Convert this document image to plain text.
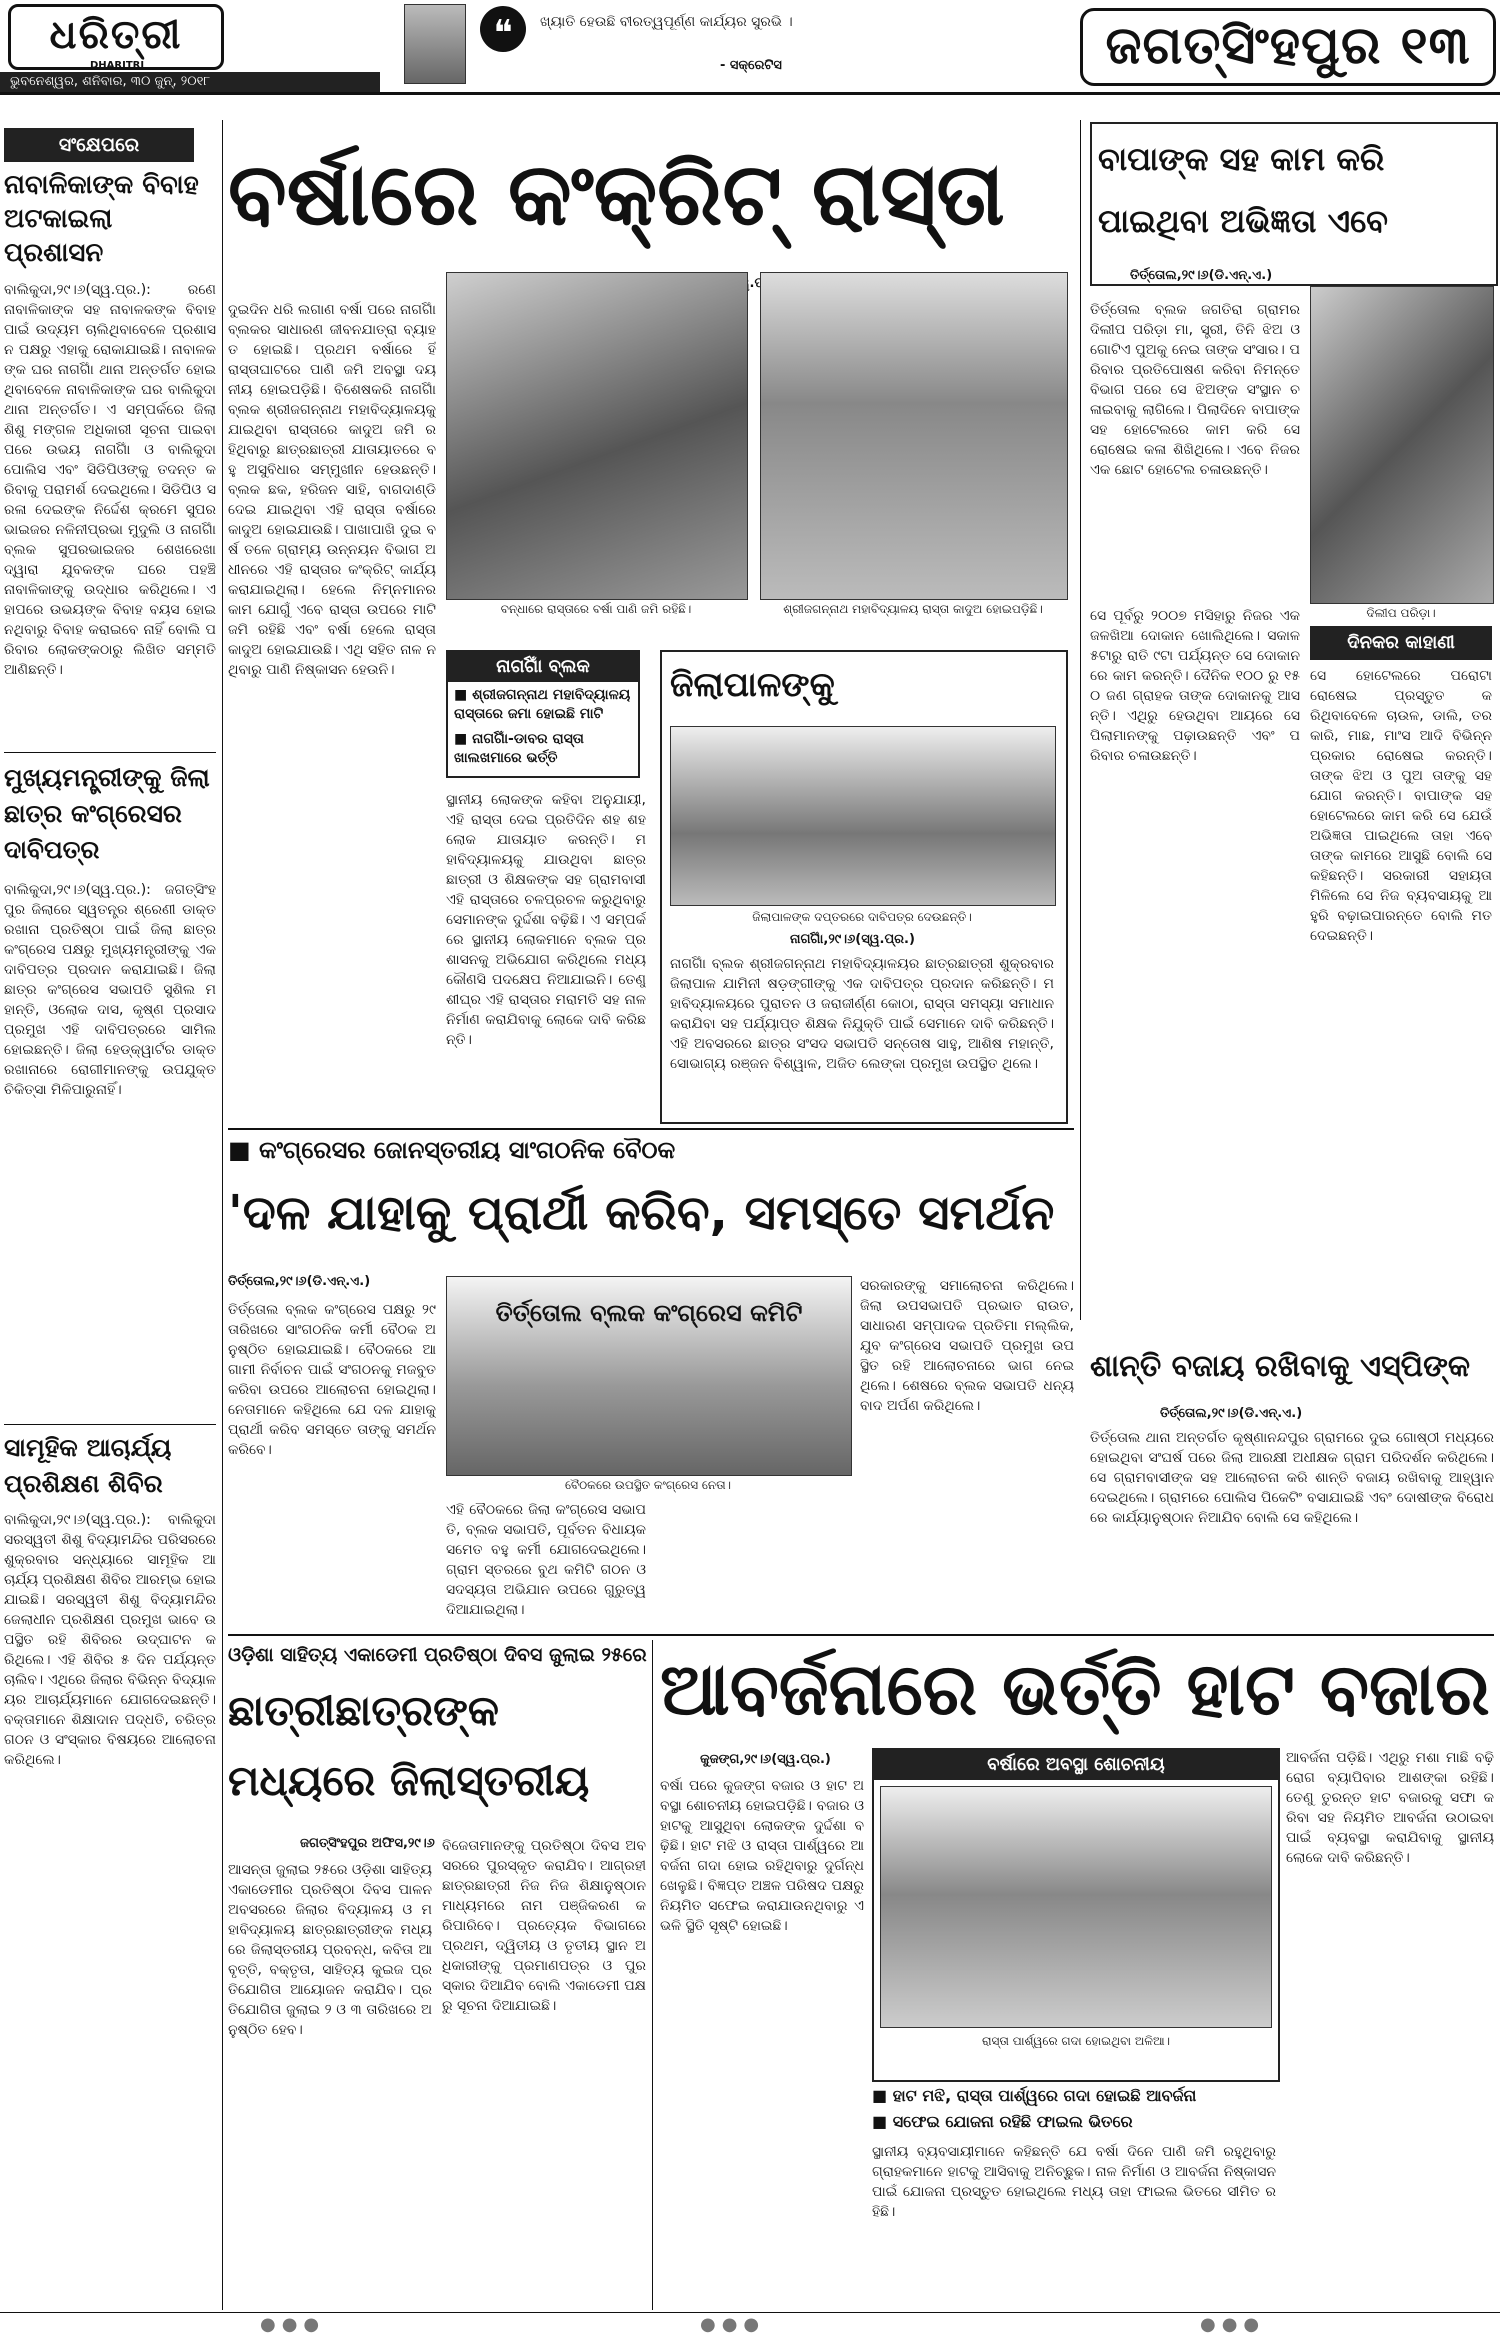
ଧରିତ୍ରୀ
DHARITRI
ଭୁବନେଶ୍ୱର, ଶନିବାର, ୩୦ ଜୁନ୍‌, ୨୦୧୮
❝	ଖ୍ୟାତି ହେଉଛି ବୀରତ୍ୱପୂର୍ଣ୍ଣ କାର୍ଯ୍ୟର ସୁରଭି ।
- ସକ୍ରେଟିସ	ଜଗତ୍‌ସିଂହପୁର ୧୩
ସଂକ୍ଷେପରେ
ନାବାଳିକାଙ୍କ ବିବାହ ଅଟକାଇଲା ପ୍ରଶାସନ
ବାଲିକୁଦା,୨୯।୬(ସ୍ୱ.ପ୍ର.): ରଣେ ନାବାଳିକାଙ୍କ ସହ ନାବାଳକଙ୍କ ବିବାହ ପାଇଁ ଉଦ୍ୟମ ଚାଲିଥିବାବେଳେ ପ୍ରଶାସନ ପକ୍ଷରୁ ଏହାକୁ ରୋକାଯାଇଛି। ନାବାଳକଙ୍କ ଘର ନାଗର୍ଗାଁ ଥାନା ଅନ୍ତର୍ଗତ ହୋଇଥିବାବେଳେ ନାବାଳିକାଙ୍କ ଘର ବାଲିକୁଦା ଥାନା ଅନ୍ତର୍ଗତ। ଏ ସମ୍ପର୍କରେ ଜିଲା ଶିଶୁ ମଙ୍ଗଳ ଅଧିକାରୀ ସୂଚନା ପାଇବା ପରେ ଉଭୟ ନାଗର୍ଗାଁ ଓ ବାଲିକୁଦା ପୋଲିସ ଏବଂ ସିଡିପିଓଙ୍କୁ ତଦନ୍ତ କରିବାକୁ ପରାମର୍ଶ ଦେଇଥିଲେ। ସିଡିପିଓ ସରଳା ଦେଇଙ୍କ ନିର୍ଦ୍ଦେଶ କ୍ରମେ ସୁପରଭାଇଜର ନଳିନୀପ୍ରଭା ମୁଦୁଲି ଓ ନାଗର୍ଗାଁ ବ୍ଲକ ସୁପରଭାଇଜର ଶେଖରେଖା ଦ୍ୱାରା ଯୁବକଙ୍କ ଘରେ ପହଞ୍ଚି ନାବାଳିକାଙ୍କୁ ଉଦ୍ଧାର କରିଥିଲେ। ଏହାପରେ ଉଭୟଙ୍କ ବିବାହ ବୟସ ହୋଇନଥିବାରୁ ବିବାହ କରାଇବେ ନାହିଁ ବୋଲି ପରିବାର ଲୋକଙ୍କଠାରୁ ଲିଖିତ ସମ୍ମତି ଆଣିଛନ୍ତି।
ମୁଖ୍ୟମନ୍ତ୍ରୀଙ୍କୁ ଜିଲା ଛାତ୍ର କଂଗ୍ରେସର ଦାବିପତ୍ର
ବାଲିକୁଦା,୨୯।୬(ସ୍ୱ.ପ୍ର.): ଜଗତ୍‌ସିଂହପୁର ଜିଲାରେ ସ୍ୱତନ୍ତ୍ର ଶ୍ରେଣୀ ଡାକ୍ତରଖାନା ପ୍ରତିଷ୍ଠା ପାଇଁ ଜିଲା ଛାତ୍ର କଂଗ୍ରେସ ପକ୍ଷରୁ ମୁଖ୍ୟମନ୍ତ୍ରୀଙ୍କୁ ଏକ ଦାବିପତ୍ର ପ୍ରଦାନ କରାଯାଇଛି। ଜିଲା ଛାତ୍ର କଂଗ୍ରେସ ସଭାପତି ସୁଶିଲ ମହାନ୍ତି, ଓଲୋକ ଦାସ, କୃଷ୍ଣ ପ୍ରସାଦ ପ୍ରମୁଖ ଏହି ଦାବିପତ୍ରରେ ସାମିଲ ହୋଇଛନ୍ତି। ଜିଲା ହେଡ୍‌କ୍ୱାର୍ଟର ଡାକ୍ତରଖାନାରେ ରୋଗୀମାନଙ୍କୁ ଉପଯୁକ୍ତ ଚିକିତ୍ସା ମିଳିପାରୁନାହିଁ।
ସାମୂହିକ ଆଚାର୍ଯ୍ୟ ପ୍ରଶିକ୍ଷଣ ଶିବିର
ବାଲିକୁଦା,୨୯।୬(ସ୍ୱ.ପ୍ର.): ବାଲିକୁଦା ସରସ୍ୱତୀ ଶିଶୁ ବିଦ୍ୟାମନ୍ଦିର ପରିସରରେ ଶୁକ୍ରବାର ସନ୍ଧ୍ୟାରେ ସାମୂହିକ ଆଚାର୍ଯ୍ୟ ପ୍ରଶିକ୍ଷଣ ଶିବିର ଆରମ୍ଭ ହୋଇଯାଇଛି। ସରସ୍ୱତୀ ଶିଶୁ ବିଦ୍ୟାମନ୍ଦିର ଜେଲାଧୀନ ପ୍ରଶିକ୍ଷଣ ପ୍ରମୁଖ ଭାବେ ଉପସ୍ଥିତ ରହି ଶିବିରର ଉଦ୍‌ଘାଟନ କରିଥିଲେ। ଏହି ଶିବିର ୫ ଦିନ ପର୍ଯ୍ୟନ୍ତ ଚାଲିବ। ଏଥିରେ ଜିଲାର ବିଭିନ୍ନ ବିଦ୍ୟାଳୟର ଆଚାର୍ଯ୍ୟମାନେ ଯୋଗଦେଇଛନ୍ତି। ବକ୍ତାମାନେ ଶିକ୍ଷାଦାନ ପଦ୍ଧତି, ଚରିତ୍ର ଗଠନ ଓ ସଂସ୍କାର ବିଷୟରେ ଆଲୋଚନା କରିଥିଲେ।
ବର୍ଷାରେ କଂକ୍ରିଟ୍ ରାସ୍ତା
ଦୁଇଦିନ ଧରି ଲଗାଣ ବର୍ଷା ପରେ ନାଗର୍ଗାଁ ବ୍ଲକର ସାଧାରଣ ଜୀବନଯାତ୍ରା ବ୍ୟାହତ ହୋଇଛି। ପ୍ରଥମ ବର୍ଷାରେ ହିଁ ରାସ୍ତାଘାଟରେ ପାଣି ଜମି ଅବସ୍ଥା ଦୟନୀୟ ହୋଇପଡ଼ିଛି। ବିଶେଷକରି ନାଗର୍ଗାଁ ବ୍ଲକ ଶ୍ରୀଜଗନ୍ନାଥ ମହାବିଦ୍ୟାଳୟକୁ ଯାଇଥିବା ରାସ୍ତାରେ କାଦୁଅ ଜମି ରହିଥିବାରୁ ଛାତ୍ରଛାତ୍ରୀ ଯାତାୟାତରେ ବହୁ ଅସୁବିଧାର ସମ୍ମୁଖୀନ ହେଉଛନ୍ତି। ବ୍ଲକ ଛକ, ହରିଜନ ସାହି, ବାଗଦାଣ୍ଡି ଦେଇ ଯାଇଥିବା ଏହି ରାସ୍ତା ବର୍ଷାରେ କାଦୁଅ ହୋଇଯାଉଛି। ପାଖାପାଖି ଦୁଇ ବର୍ଷ ତଳେ ଗ୍ରାମ୍ୟ ଉନ୍ନୟନ ବିଭାଗ ଅଧୀନରେ ଏହି ରାସ୍ତାର କଂକ୍ରିଟ୍ କାର୍ଯ୍ୟ କରାଯାଇଥିଲା। ହେଲେ ନିମ୍ନମାନର କାମ ଯୋଗୁଁ ଏବେ ରାସ୍ତା ଉପରେ ମାଟି ଜମି ରହିଛି ଏବଂ ବର୍ଷା ହେଲେ ରାସ୍ତା କାଦୁଅ ହୋଇଯାଉଛି। ଏଥି ସହିତ ନାଳ ନଥିବାରୁ ପାଣି ନିଷ୍କାସନ ହେଉନି।
ବନ୍ଧାରେ ରାସ୍ତାରେ ବର୍ଷା ପାଣି ଜମି ରହିଛି।	ଶ୍ରୀଜଗନ୍ନାଥ ମହାବିଦ୍ୟାଳୟ ରାସ୍ତା କାଦୁଅ ହୋଇପଡ଼ିଛି।
ନାଗର୍ଗାଁ ବ୍ଲକ
■ ଶ୍ରୀଜଗନ୍ନାଥ ମହାବିଦ୍ୟାଳୟ ରାସ୍ତାରେ ଜମା ହୋଇଛି ମାଟି
■ ନାଗର୍ଗାଁ-ଡାବର ରାସ୍ତା ଖାଲଖମାରେ ଭର୍ତ୍ତି
ସ୍ଥାନୀୟ ଲୋକଙ୍କ କହିବା ଅନୁଯାୟୀ, ଏହି ରାସ୍ତା ଦେଇ ପ୍ରତିଦିନ ଶହ ଶହ ଲୋକ ଯାତାୟାତ କରନ୍ତି। ମହାବିଦ୍ୟାଳୟକୁ ଯାଉଥିବା ଛାତ୍ରଛାତ୍ରୀ ଓ ଶିକ୍ଷକଙ୍କ ସହ ଗ୍ରାମବାସୀ ଏହି ରାସ୍ତାରେ ଚଳପ୍ରଚଳ କରୁଥିବାରୁ ସେମାନଙ୍କ ଦୁର୍ଦ୍ଦଶା ବଢ଼ିଛି। ଏ ସମ୍ପର୍କରେ ସ୍ଥାନୀୟ ଲୋକମାନେ ବ୍ଲକ ପ୍ରଶାସନକୁ ଅଭିଯୋଗ କରିଥିଲେ ମଧ୍ୟ କୌଣସି ପଦକ୍ଷେପ ନିଆଯାଇନି। ତେଣୁ ଶୀଘ୍ର ଏହି ରାସ୍ତାର ମରାମତି ସହ ନାଳ ନିର୍ମାଣ କରାଯିବାକୁ ଲୋକେ ଦାବି କରିଛନ୍ତି।
ଜିଲାପାଳଙ୍କୁ
ଜିଲାପାଳଙ୍କ ଦପ୍ତରରେ ଦାବିପତ୍ର ଦେଉଛନ୍ତି।
ନାଗର୍ଗାଁ,୨୯।୬(ସ୍ୱ.ପ୍ର.)
ନାଗର୍ଗାଁ ବ୍ଲକ ଶ୍ରୀଜଗନ୍ନାଥ ମହାବିଦ୍ୟାଳୟର ଛାତ୍ରଛାତ୍ରୀ ଶୁକ୍ରବାର ଜିଲାପାଳ ଯାମିନୀ ଷଡ଼ଙ୍ଗୀଙ୍କୁ ଏକ ଦାବିପତ୍ର ପ୍ରଦାନ କରିଛନ୍ତି। ମହାବିଦ୍ୟାଳୟରେ ପୁରାତନ ଓ ଜରାଜୀର୍ଣ୍ଣ କୋଠା, ରାସ୍ତା ସମସ୍ୟା ସମାଧାନ କରାଯିବା ସହ ପର୍ଯ୍ୟାପ୍ତ ଶିକ୍ଷକ ନିଯୁକ୍ତି ପାଇଁ ସେମାନେ ଦାବି କରିଛନ୍ତି। ଏହି ଅବସରରେ ଛାତ୍ର ସଂସଦ ସଭାପତି ସନ୍ତୋଷ ସାହୁ, ଆଶିଷ ମହାନ୍ତି, ସୋଭାଗ୍ୟ ରଞ୍ଜନ ବିଶ୍ୱାଳ, ଅଜିତ ଲେଙ୍କା ପ୍ରମୁଖ ଉପସ୍ଥିତ ଥିଲେ।
ବାପାଙ୍କ ସହ କାମ କରି ପାଇଥିବା ଅଭିଜ୍ଞତା ଏବେ
ତିର୍ତ୍ତୋଲ,୨୯।୬(ଡି.ଏନ୍.ଏ.)
ତିର୍ତ୍ତୋଲ ବ୍ଲକ ଜଗତିରା ଗ୍ରାମର ଦିଲୀପ ପରିଡ଼ା ମା, ସ୍ତ୍ରୀ, ତିନି ଝିଅ ଓ ଗୋଟିଏ ପୁଅକୁ ନେଇ ତାଙ୍କ ସଂସାର। ପରିବାର ପ୍ରତିପୋଷଣ କରିବା ନିମନ୍ତେ ବିଭାଗ ପରେ ସେ ଝିଅଙ୍କ ସଂସ୍ଥାନ ଚଳାଇବାକୁ ଲାଗିଲେ। ପିଲାଦିନେ ବାପାଙ୍କ ସହ ହୋଟେଲରେ କାମ କରି ସେ ରୋଷେଇ କଳା ଶିଖିଥିଲେ। ଏବେ ନିଜର ଏକ ଛୋଟ ହୋଟେଲ ଚଳାଉଛନ୍ତି।
ଦିଲୀପ ପରିଡ଼ା।
ସେ ପୂର୍ବରୁ ୨୦୦୭ ମସିହାରୁ ନିଜର ଏକ ଜଳଖିଆ ଦୋକାନ ଖୋଲିଥିଲେ। ସକାଳ ୫ଟାରୁ ରାତି ୯ଟା ପର୍ଯ୍ୟନ୍ତ ସେ ଦୋକାନରେ କାମ କରନ୍ତି। ଦୈନିକ ୧୦୦ ରୁ ୧୫୦ ଜଣ ଗ୍ରାହକ ତାଙ୍କ ଦୋକାନକୁ ଆସନ୍ତି। ଏଥିରୁ ହେଉଥିବା ଆୟରେ ସେ ପିଲାମାନଙ୍କୁ ପଢ଼ାଉଛନ୍ତି ଏବଂ ପରିବାର ଚଳାଉଛନ୍ତି।
ଦିନକର କାହାଣୀ
ସେ ହୋଟେଲରେ ପରୋଟା ରୋଷେଇ ପ୍ରସ୍ତୁତ କରିଥିବାବେଳେ ଚାଉଳ, ଡାଲି, ତରକାରି, ମାଛ, ମାଂସ ଆଦି ବିଭିନ୍ନ ପ୍ରକାର ରୋଷେଇ କରନ୍ତି। ତାଙ୍କ ଝିଅ ଓ ପୁଅ ତାଙ୍କୁ ସହଯୋଗ କରନ୍ତି। ବାପାଙ୍କ ସହ ହୋଟେଲରେ କାମ କରି ସେ ଯେଉଁ ଅଭିଜ୍ଞତା ପାଇଥିଲେ ତାହା ଏବେ ତାଙ୍କ କାମରେ ଆସୁଛି ବୋଲି ସେ କହିଛନ୍ତି। ସରକାରୀ ସହାୟତା ମିଳିଲେ ସେ ନିଜ ବ୍ୟବସାୟକୁ ଆହୁରି ବଢ଼ାଇପାରନ୍ତେ ବୋଲି ମତ ଦେଇଛନ୍ତି।
■ କଂଗ୍ରେସର ଜୋନସ୍ତରୀୟ ସାଂଗଠନିକ ବୈଠକ
'ଦଳ ଯାହାକୁ ପ୍ରାର୍ଥୀ କରିବ, ସମସ୍ତେ ସମର୍ଥନ
ତିର୍ତ୍ତୋଲ,୨୯।୬(ଡି.ଏନ୍.ଏ.)
ତିର୍ତ୍ତୋଲ ବ୍ଲକ କଂଗ୍ରେସ ପକ୍ଷରୁ ୨୯ ତାରିଖରେ ସାଂଗଠନିକ କର୍ମୀ ବୈଠକ ଅନୁଷ୍ଠିତ ହୋଇଯାଇଛି। ବୈଠକରେ ଆଗାମୀ ନିର୍ବାଚନ ପାଇଁ ସଂଗଠନକୁ ମଜବୁତ କରିବା ଉପରେ ଆଲୋଚନା ହୋଇଥିଲା। ନେତାମାନେ କହିଥିଲେ ଯେ ଦଳ ଯାହାକୁ ପ୍ରାର୍ଥୀ କରିବ ସମସ୍ତେ ତାଙ୍କୁ ସମର୍ଥନ କରିବେ।
ତିର୍ତ୍ତୋଲ ବ୍ଲକ କଂଗ୍ରେସ କମିଟି
ବୈଠକରେ ଉପସ୍ଥିତ କଂଗ୍ରେସ ନେତା।
ଏହି ବୈଠକରେ ଜିଲା କଂଗ୍ରେସ ସଭାପତି, ବ୍ଲକ ସଭାପତି, ପୂର୍ବତନ ବିଧାୟକ ସମେତ ବହୁ କର୍ମୀ ଯୋଗଦେଇଥିଲେ। ଗ୍ରାମ ସ୍ତରରେ ବୁଥ କମିଟି ଗଠନ ଓ ସଦସ୍ୟତା ଅଭିଯାନ ଉପରେ ଗୁରୁତ୍ୱ ଦିଆଯାଇଥିଲା।
ସରକାରଙ୍କୁ ସମାଲୋଚନା କରିଥିଲେ। ଜିଲା ଉପସଭାପତି ପ୍ରଭାତ ରାଉତ, ସାଧାରଣ ସମ୍ପାଦକ ପ୍ରତିମା ମଲ୍ଲିକ, ଯୁବ କଂଗ୍ରେସ ସଭାପତି ପ୍ରମୁଖ ଉପସ୍ଥିତ ରହି ଆଲୋଚନାରେ ଭାଗ ନେଇଥିଲେ। ଶେଷରେ ବ୍ଲକ ସଭାପତି ଧନ୍ୟବାଦ ଅର୍ପଣ କରିଥିଲେ।
ଶାନ୍ତି ବଜାୟ ରଖିବାକୁ ଏସ୍‌ପିଙ୍କ
ତିର୍ତ୍ତୋଲ,୨୯।୬(ଡି.ଏନ୍.ଏ.)
ତିର୍ତ୍ତୋଲ ଥାନା ଅନ୍ତର୍ଗତ କୃଷ୍ଣାନନ୍ଦପୁର ଗ୍ରାମରେ ଦୁଇ ଗୋଷ୍ଠୀ ମଧ୍ୟରେ ହୋଇଥିବା ସଂଘର୍ଷ ପରେ ଜିଲା ଆରକ୍ଷୀ ଅଧୀକ୍ଷକ ଗ୍ରାମ ପରିଦର୍ଶନ କରିଥିଲେ। ସେ ଗ୍ରାମବାସୀଙ୍କ ସହ ଆଲୋଚନା କରି ଶାନ୍ତି ବଜାୟ ରଖିବାକୁ ଆହ୍ୱାନ ଦେଇଥିଲେ। ଗ୍ରାମରେ ପୋଲିସ ପିକେଟିଂ ବସାଯାଇଛି ଏବଂ ଦୋଷୀଙ୍କ ବିରୋଧରେ କାର୍ଯ୍ୟାନୁଷ୍ଠାନ ନିଆଯିବ ବୋଲି ସେ କହିଥିଲେ।
ଓଡ଼ିଶା ସାହିତ୍ୟ ଏକାଡେମୀ ପ୍ରତିଷ୍ଠା ଦିବସ ଜୁଲାଇ ୨୫ରେ
ଛାତ୍ରୀଛାତ୍ରଙ୍କ ମଧ୍ୟରେ ଜିଲାସ୍ତରୀୟ
ଜଗତ୍‌ସିଂହପୁର ଅଫିସ,୨୯।୬
ଆସନ୍ତା ଜୁଲାଇ ୨୫ରେ ଓଡ଼ିଶା ସାହିତ୍ୟ ଏକାଡେମୀର ପ୍ରତିଷ୍ଠା ଦିବସ ପାଳନ ଅବସରରେ ଜିଲାର ବିଦ୍ୟାଳୟ ଓ ମହାବିଦ୍ୟାଳୟ ଛାତ୍ରଛାତ୍ରୀଙ୍କ ମଧ୍ୟରେ ଜିଲାସ୍ତରୀୟ ପ୍ରବନ୍ଧ, କବିତା ଆବୃତ୍ତି, ବକ୍ତୃତା, ସାହିତ୍ୟ କୁଇଜ ପ୍ରତିଯୋଗିତା ଆୟୋଜନ କରାଯିବ। ପ୍ରତିଯୋଗିତା ଜୁଲାଇ ୨ ଓ ୩ ତାରିଖରେ ଅନୁଷ୍ଠିତ ହେବ।
ବିଜେତାମାନଙ୍କୁ ପ୍ରତିଷ୍ଠା ଦିବସ ଅବସରରେ ପୁରସ୍କୃତ କରାଯିବ। ଆଗ୍ରହୀ ଛାତ୍ରଛାତ୍ରୀ ନିଜ ନିଜ ଶିକ୍ଷାନୁଷ୍ଠାନ ମାଧ୍ୟମରେ ନାମ ପଞ୍ଜିକରଣ କରିପାରିବେ। ପ୍ରତ୍ୟେକ ବିଭାଗରେ ପ୍ରଥମ, ଦ୍ୱିତୀୟ ଓ ତୃତୀୟ ସ୍ଥାନ ଅଧିକାରୀଙ୍କୁ ପ୍ରମାଣପତ୍ର ଓ ପୁରସ୍କାର ଦିଆଯିବ ବୋଲି ଏକାଡେମୀ ପକ୍ଷରୁ ସୂଚନା ଦିଆଯାଇଛି।
ଆବର୍ଜନାରେ ଭର୍ତ୍ତି ହାଟ ବଜାର
କୁଜଙ୍ଗ,୨୯।୬(ସ୍ୱ.ପ୍ର.)
ବର୍ଷା ପରେ କୁଜଙ୍ଗ ବଜାର ଓ ହାଟ ଅବସ୍ଥା ଶୋଚନୀୟ ହୋଇପଡ଼ିଛି। ବଜାର ଓ ହାଟକୁ ଆସୁଥିବା ଲୋକଙ୍କ ଦୁର୍ଦ୍ଦଶା ବଢ଼ିଛି। ହାଟ ମଝି ଓ ରାସ୍ତା ପାର୍ଶ୍ୱରେ ଆବର୍ଜନା ଗଦା ହୋଇ ରହିଥିବାରୁ ଦୁର୍ଗନ୍ଧ ଖେଳୁଛି। ବିଜ୍ଞପ୍ତ ଅଞ୍ଚଳ ପରିଷଦ ପକ୍ଷରୁ ନିୟମିତ ସଫେଇ କରାଯାଉନଥିବାରୁ ଏଭଳି ସ୍ଥିତି ସୃଷ୍ଟି ହୋଇଛି।
ବର୍ଷାରେ ଅବସ୍ଥା ଶୋଚନୀୟ
ରାସ୍ତା ପାର୍ଶ୍ୱରେ ଗଦା ହୋଇଥିବା ଅଳିଆ।
■ ହାଟ ମଝି, ରାସ୍ତା ପାର୍ଶ୍ୱରେ ଗଦା ହୋଇଛି ଆବର୍ଜନା
■ ସଫେଇ ଯୋଜନା ରହିଛି ଫାଇଲ ଭିତରେ
ସ୍ଥାନୀୟ ବ୍ୟବସାୟୀମାନେ କହିଛନ୍ତି ଯେ ବର୍ଷା ଦିନେ ପାଣି ଜମି ରହୁଥିବାରୁ ଗ୍ରାହକମାନେ ହାଟକୁ ଆସିବାକୁ ଅନିଚ୍ଛୁକ। ନାଳ ନିର୍ମାଣ ଓ ଆବର୍ଜନା ନିଷ୍କାସନ ପାଇଁ ଯୋଜନା ପ୍ରସ୍ତୁତ ହୋଇଥିଲେ ମଧ୍ୟ ତାହା ଫାଇଲ ଭିତରେ ସୀମିତ ରହିଛି।
ଆବର୍ଜନା ପଡ଼ିଛି। ଏଥିରୁ ମଶା ମାଛି ବଢ଼ି ରୋଗ ବ୍ୟାପିବାର ଆଶଙ୍କା ରହିଛି। ତେଣୁ ତୁରନ୍ତ ହାଟ ବଜାରକୁ ସଫା କରିବା ସହ ନିୟମିତ ଆବର୍ଜନା ଉଠାଇବା ପାଇଁ ବ୍ୟବସ୍ଥା କରାଯିବାକୁ ସ୍ଥାନୀୟ ଲୋକେ ଦାବି କରିଛନ୍ତି।
●●●	●●●	●●●
